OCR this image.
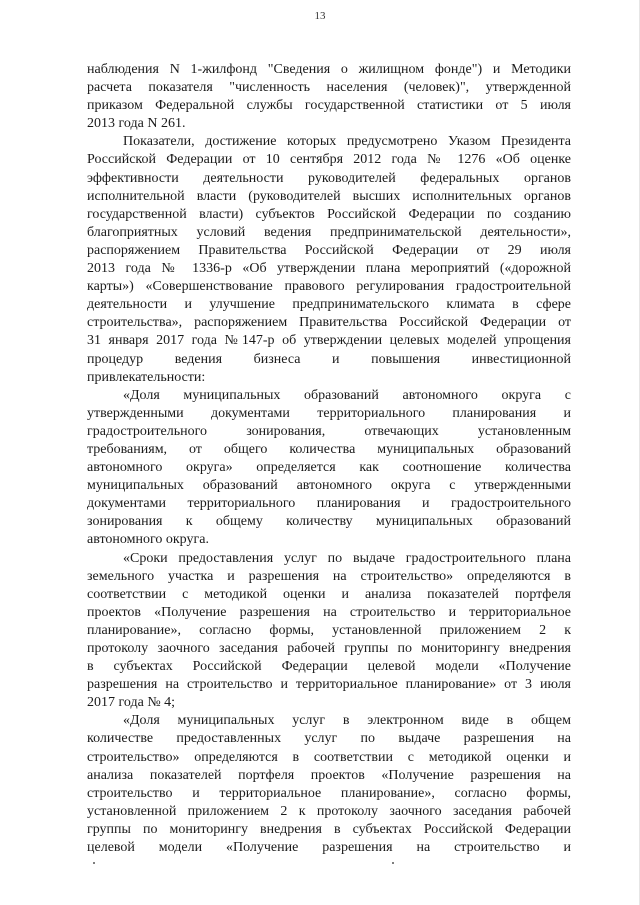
13
наблюдения N 1-жилфонд "Сведения о жилищном фонде") и Методики
расчета показателя "численность населения (человек)", утвержденной
приказом Федеральной службы государственной статистики от 5 июля
2013 года N 261.
Показатели, достижение которых предусмотрено Указом Президента
Российской Федерации от 10 сентября 2012 года № 1276 «Об оценке
эффективности деятельности руководителей федеральных органов
исполнительной власти (руководителей высших исполнительных органов
государственной власти) субъектов Российской Федерации по созданию
благоприятных условий ведения предпринимательской деятельности»,
распоряжением Правительства Российской Федерации от 29 июля
2013 года № 1336-р «Об утверждении плана мероприятий («дорожной
карты») «Совершенствование правового регулирования градостроительной
деятельности и улучшение предпринимательского климата в сфере
строительства», распоряжением Правительства Российской Федерации от
31 января 2017 года №147-р об утверждении целевых моделей упрощения
процедур ведения бизнеса и повышения инвестиционной
привлекательности:
«Доля муниципальных образований автономного округа с
утвержденными документами территориального планирования и
градостроительного зонирования, отвечающих установленным
требованиям, от общего количества муниципальных образований
автономного округа» определяется как соотношение количества
муниципальных образований автономного округа с утвержденными
документами территориального планирования и градостроительного
зонирования к общему количеству муниципальных образований
автономного округа.
«Сроки предоставления услуг по выдаче градостроительного плана
земельного участка и разрешения на строительство» определяются в
соответствии с методикой оценки и анализа показателей портфеля
проектов «Получение разрешения на строительство и территориальное
планирование», согласно формы, установленной приложением 2 к
протоколу заочного заседания рабочей группы по мониторингу внедрения
в субъектах Российской Федерации целевой модели «Получение
разрешения на строительство и территориальное планирование» от 3 июля
2017 года № 4;
«Доля муниципальных услуг в электронном виде в общем
количестве предоставленных услуг по выдаче разрешения на
строительство» определяются в соответствии с методикой оценки и
анализа показателей портфеля проектов «Получение разрешения на
строительство и территориальное планирование», согласно формы,
установленной приложением 2 к протоколу заочного заседания рабочей
группы по мониторингу внедрения в субъектах Российской Федерации
целевой модели «Получение разрешения на строительство и
